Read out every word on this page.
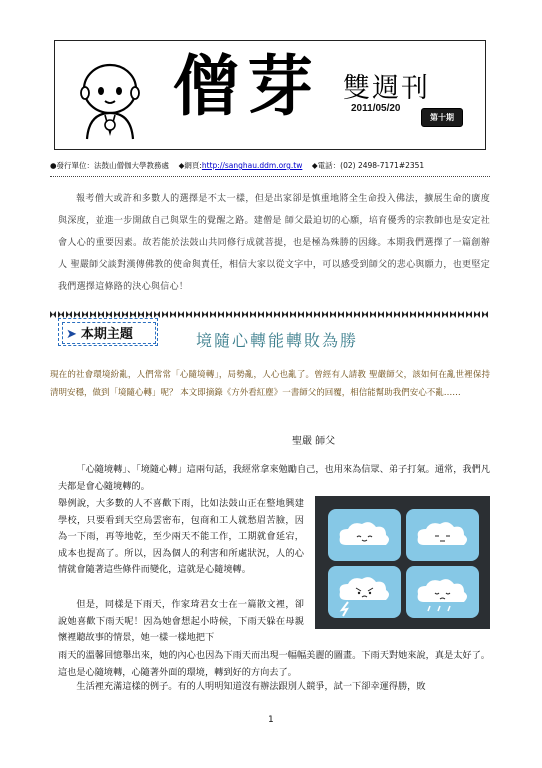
僧芽 雙週刊
2011/05/20
第十期
●發行單位：法鼓山僧伽大學教務處 ◆網頁:http://sanghau.ddm.org.tw ◆電話：(02) 2498-7171#2351
報考僧大或許和多數人的選擇是不太一樣，但是出家卻是慎重地將全生命投入佛法，擴展生命的廣度與深度，並進一步開啟自己與眾生的覺醒之路。建僧是 師父最迫切的心願，培育優秀的宗教師也是安定社會人心的重要因素。故若能於法鼓山共同修行成就菩提，也是極為殊勝的因緣。本期我們選擇了一篇創辦人 聖嚴師父談對漢傳佛教的使命與責任，相信大家以從文字中，可以感受到師父的悲心與願力，也更堅定我們選擇這條路的決心與信心！
➤ 本期主題	境隨心轉能轉敗為勝
現在的社會環境紛亂，人們常常「心隨境轉」，局勢亂，人心也亂了。曾經有人請教 聖嚴師父，該如何在亂世裡保持清明安穩，做到「境隨心轉」呢？ 本文即摘錄《方外看紅塵》一書師父的回覆，相信能幫助我們安心不亂……
聖嚴 師父
「心隨境轉」、「境隨心轉」這兩句話，我經常拿來勉勵自己，也用來為信眾、弟子打氣。通常，我們凡夫都是會心隨境轉的。
舉例說，大多數的人不喜歡下雨，比如法鼓山正在整地興建學校，只要看到天空烏雲密布，包商和工人就愁眉苦臉，因為一下雨，再等地乾，至少兩天不能工作，工期就會延宕，成本也提高了。所以，因為個人的利害和所處狀況，人的心情就會隨著這些條件而變化，這就是心隨境轉。
但是，同樣是下雨天，作家琦君女士在一篇散文裡，卻說她喜歡下雨天呢！因為她會想起小時候，下雨天躲在母親懷裡聽故事的情景，她一樣一樣地把下
雨天的溫馨回憶舉出來，她的內心也因為下雨天而出現一幅幅美麗的圖畫。下雨天對她來說，真是太好了。這也是心隨境轉，心隨著外面的環境，轉到好的方向去了。
生活裡充滿這樣的例子。有的人明明知道沒有辦法跟別人競爭，試一下卻幸運得勝，敗
1
